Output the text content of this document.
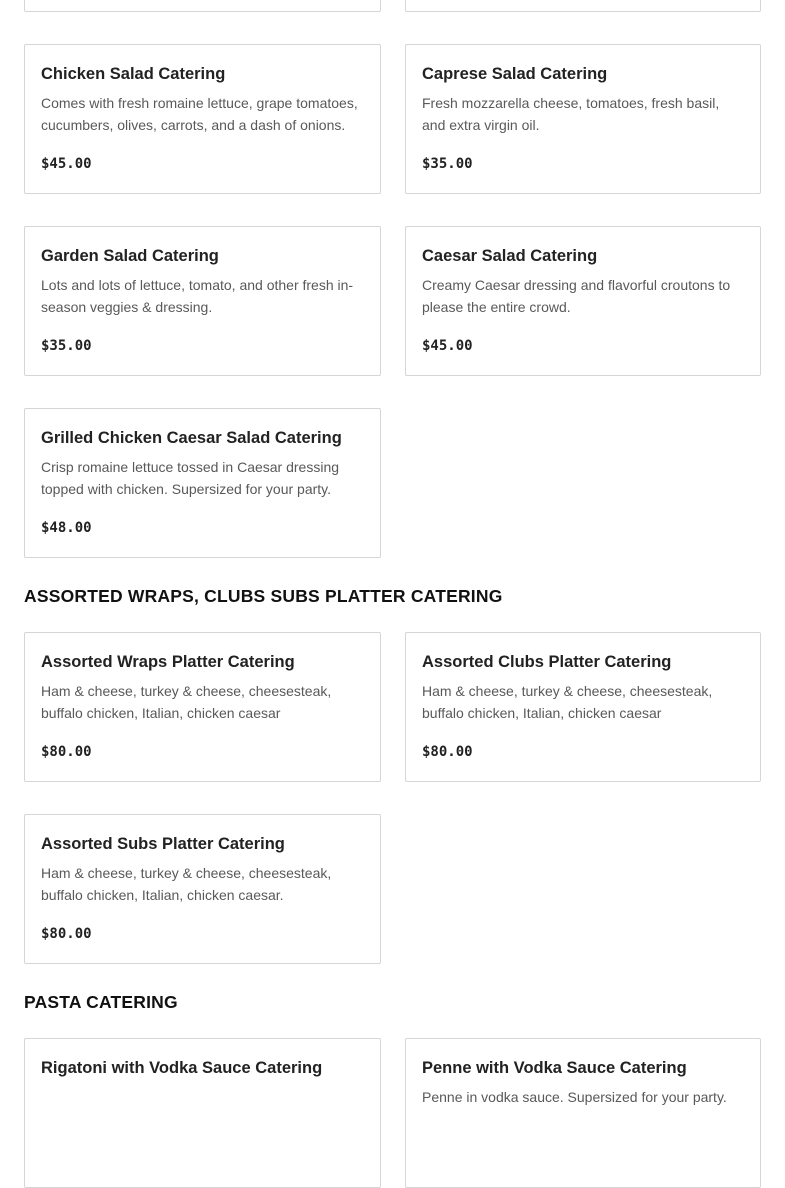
Chicken Salad Catering
Comes with fresh romaine lettuce, grape tomatoes, cucumbers, olives, carrots, and a dash of onions.
$45.00
Caprese Salad Catering
Fresh mozzarella cheese, tomatoes, fresh basil, and extra virgin oil.
$35.00
Garden Salad Catering
Lots and lots of lettuce, tomato, and other fresh in-season veggies & dressing.
$35.00
Caesar Salad Catering
Creamy Caesar dressing and flavorful croutons to please the entire crowd.
$45.00
Grilled Chicken Caesar Salad Catering
Crisp romaine lettuce tossed in Caesar dressing topped with chicken. Supersized for your party.
$48.00
ASSORTED WRAPS, CLUBS SUBS PLATTER CATERING
Assorted Wraps Platter Catering
Ham & cheese, turkey & cheese, cheesesteak, buffalo chicken, Italian, chicken caesar
$80.00
Assorted Clubs Platter Catering
Ham & cheese, turkey & cheese, cheesesteak, buffalo chicken, Italian, chicken caesar
$80.00
Assorted Subs Platter Catering
Ham & cheese, turkey & cheese, cheesesteak, buffalo chicken, Italian, chicken caesar.
$80.00
PASTA CATERING
Rigatoni with Vodka Sauce Catering	Penne with Vodka Sauce Catering
Penne in vodka sauce. Supersized for your party.
